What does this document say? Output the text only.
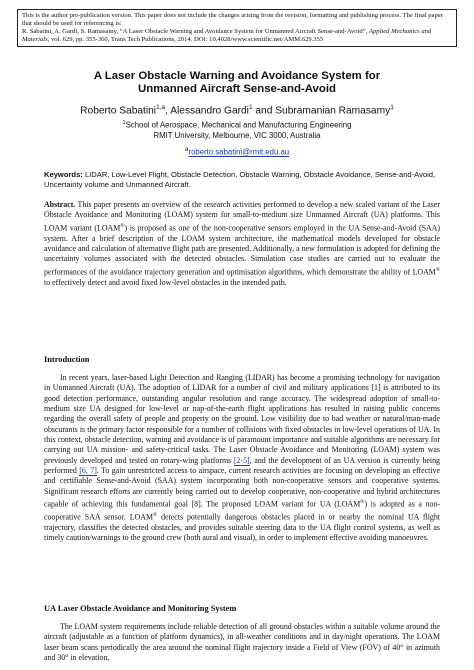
This is the author pre-publication version. This paper does not include the changes arising from the revision, formatting and publishing process. The final paper that should be used for referencing is:

R. Sabatini, A. Gardi, S. Ramasamy, “A Laser Obstacle Warning and Avoidance System for Unmanned Aircraft Sense-and-Avoid”, Applied Mechanics and Materials, vol. 629, pp. 355-360, Trans Tech Publications, 2014. DOI: 10.4028/www.scientific.net/AMM.629.355

A Laser Obstacle Warning and Avoidance System for
Unmanned Aircraft Sense-and-Avoid
Roberto Sabatini$^{1,a}$, Alessandro Gardi$^1$ and Subramanian Ramasamy$^1$
$^1$School of Aerospace, Mechanical and Manufacturing Engineering
RMIT University, Melbourne, VIC 3000, Australia
$^a$roberto.sabatini@rmit.edu.au
Keywords: LIDAR, Low-Level Flight, Obstacle Detection, Obstacle Warning, Obstacle Avoidance, Sense-and-Avoid, Uncertainty volume and Unmanned Aircraft.

Abstract. This paper presents an overview of the research activities performed to develop a new scaled variant of the Laser Obstacle Avoidance and Monitoring (LOAM) system for small-to-medium size Unmanned Aircraft (UA) platforms. This LOAM variant (LOAM®) is proposed as one of the non-cooperative sensors employed in the UA Sense-and-Avoid (SAA) system. After a brief description of the LOAM system architecture, the mathematical models developed for obstacle avoidance and calculation of alternative flight path are presented. Additionally, a new formulation is adopted for defining the uncertainty volumes associated with the detected obstacles. Simulation case studies are carried out to evaluate the performances of the avoidance trajectory generation and optimisation algorithms, which demonstrate the ability of LOAM® to effectively detect and avoid fixed low-level obstacles in the intended path.

Introduction

In recent years, laser-based Light Detection and Ranging (LIDAR) has become a promising technology for navigation in Unmanned Aircraft (UA). The adoption of LIDAR for a number of civil and military applications [1] is attributed to its good detection performance, outstanding angular resolution and range accuracy. The widespread adoption of small-to-medium size UA designed for low-level or nap-of-the-earth flight applications has resulted in raising public concerns regarding the overall safety of people and property on the ground. Low visibility due to bad weather or natural/man-made obscurants is the primary factor responsible for a number of collisions with fixed obstacles in low-level operations of UA. In this context, obstacle detection, warning and avoidance is of paramount importance and suitable algorithms are necessary for carrying out UA mission- and safety-critical tasks. The Laser Obstacle Avoidance and Monitoring (LOAM) system was previously developed and tested on rotary-wing platforms [2-5], and the development of an UA version is currently being performed [6, 7]. To gain unrestricted access to airspace, current research activities are focusing on developing an effective and certifiable Sense-and-Avoid (SAA) system incorporating both non-cooperative sensors and cooperative systems. Significant research efforts are currently being carried out to develop cooperative, non-cooperative and hybrid architectures capable of achieving this fundamental goal [8]. The proposed LOAM variant for UA (LOAM®) is adopted as a non-cooperative SAA sensor. LOAM® detects potentially dangerous obstacles placed in or nearby the nominal UA flight trajectory, classifies the detected obstacles, and provides suitable steering data to the UA flight control systems, as well as timely caution/warnings to the ground crew (both aural and visual), in order to implement effective avoiding manoeuvres.

UA Laser Obstacle Avoidance and Monitoring System

The LOAM system requirements include reliable detection of all ground obstacles within a suitable volume around the aircraft (adjustable as a function of platform dynamics), in all-weather conditions and in day/night operations. The LOAM laser beam scans periodically the area around the nominal flight trajectory inside a Field of View (FOV) of 40° in azimuth and 30° in elevation,
